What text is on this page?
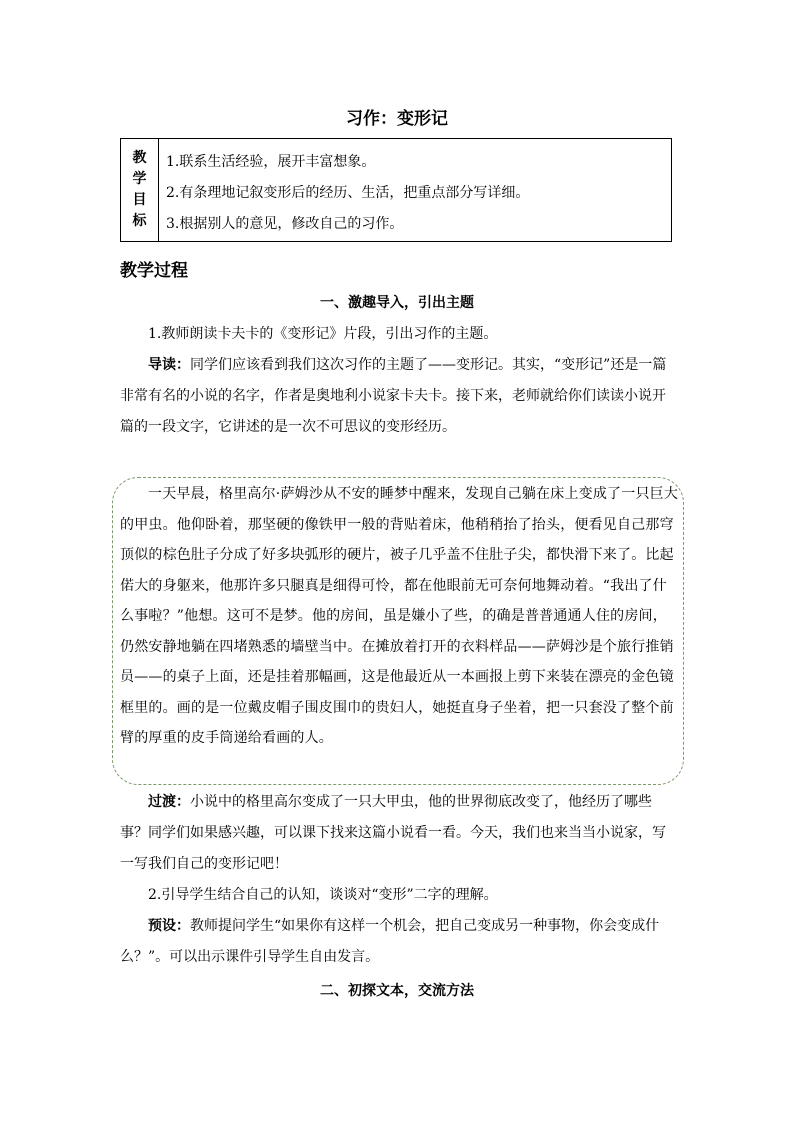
习作：变形记
教
学
目
标
1.联系生活经验，展开丰富想象。
2.有条理地记叙变形后的经历、生活，把重点部分写详细。
3.根据别人的意见，修改自己的习作。
教学过程
一、激趣导入，引出主题
1.教师朗读卡夫卡的《变形记》片段，引出习作的主题。
导读：同学们应该看到我们这次习作的主题了——变形记。其实，“变形记”还是一篇非常有名的小说的名字，作者是奥地利小说家卡夫卡。接下来，老师就给你们读读小说开篇的一段文字，它讲述的是一次不可思议的变形经历。
一天早晨，格里高尔·萨姆沙从不安的睡梦中醒来，发现自己躺在床上变成了一只巨大的甲虫。他仰卧着，那坚硬的像铁甲一般的背贴着床，他稍稍抬了抬头，便看见自己那穹顶似的棕色肚子分成了好多块弧形的硬片，被子几乎盖不住肚子尖，都快滑下来了。比起偌大的身躯来，他那许多只腿真是细得可怜，都在他眼前无可奈何地舞动着。“我出了什么事啦？”他想。这可不是梦。他的房间，虽是嫌小了些，的确是普普通通人住的房间，仍然安静地躺在四堵熟悉的墙壁当中。在摊放着打开的衣料样品——萨姆沙是个旅行推销员——的桌子上面，还是挂着那幅画，这是他最近从一本画报上剪下来装在漂亮的金色镜框里的。画的是一位戴皮帽子围皮围巾的贵妇人，她挺直身子坐着，把一只套没了整个前臂的厚重的皮手筒递给看画的人。
过渡：小说中的格里高尔变成了一只大甲虫，他的世界彻底改变了，他经历了哪些事？同学们如果感兴趣，可以课下找来这篇小说看一看。今天，我们也来当当小说家，写一写我们自己的变形记吧！
2.引导学生结合自己的认知，谈谈对“变形”二字的理解。
预设：教师提问学生“如果你有这样一个机会，把自己变成另一种事物，你会变成什么？”。可以出示课件引导学生自由发言。
二、初探文本，交流方法
